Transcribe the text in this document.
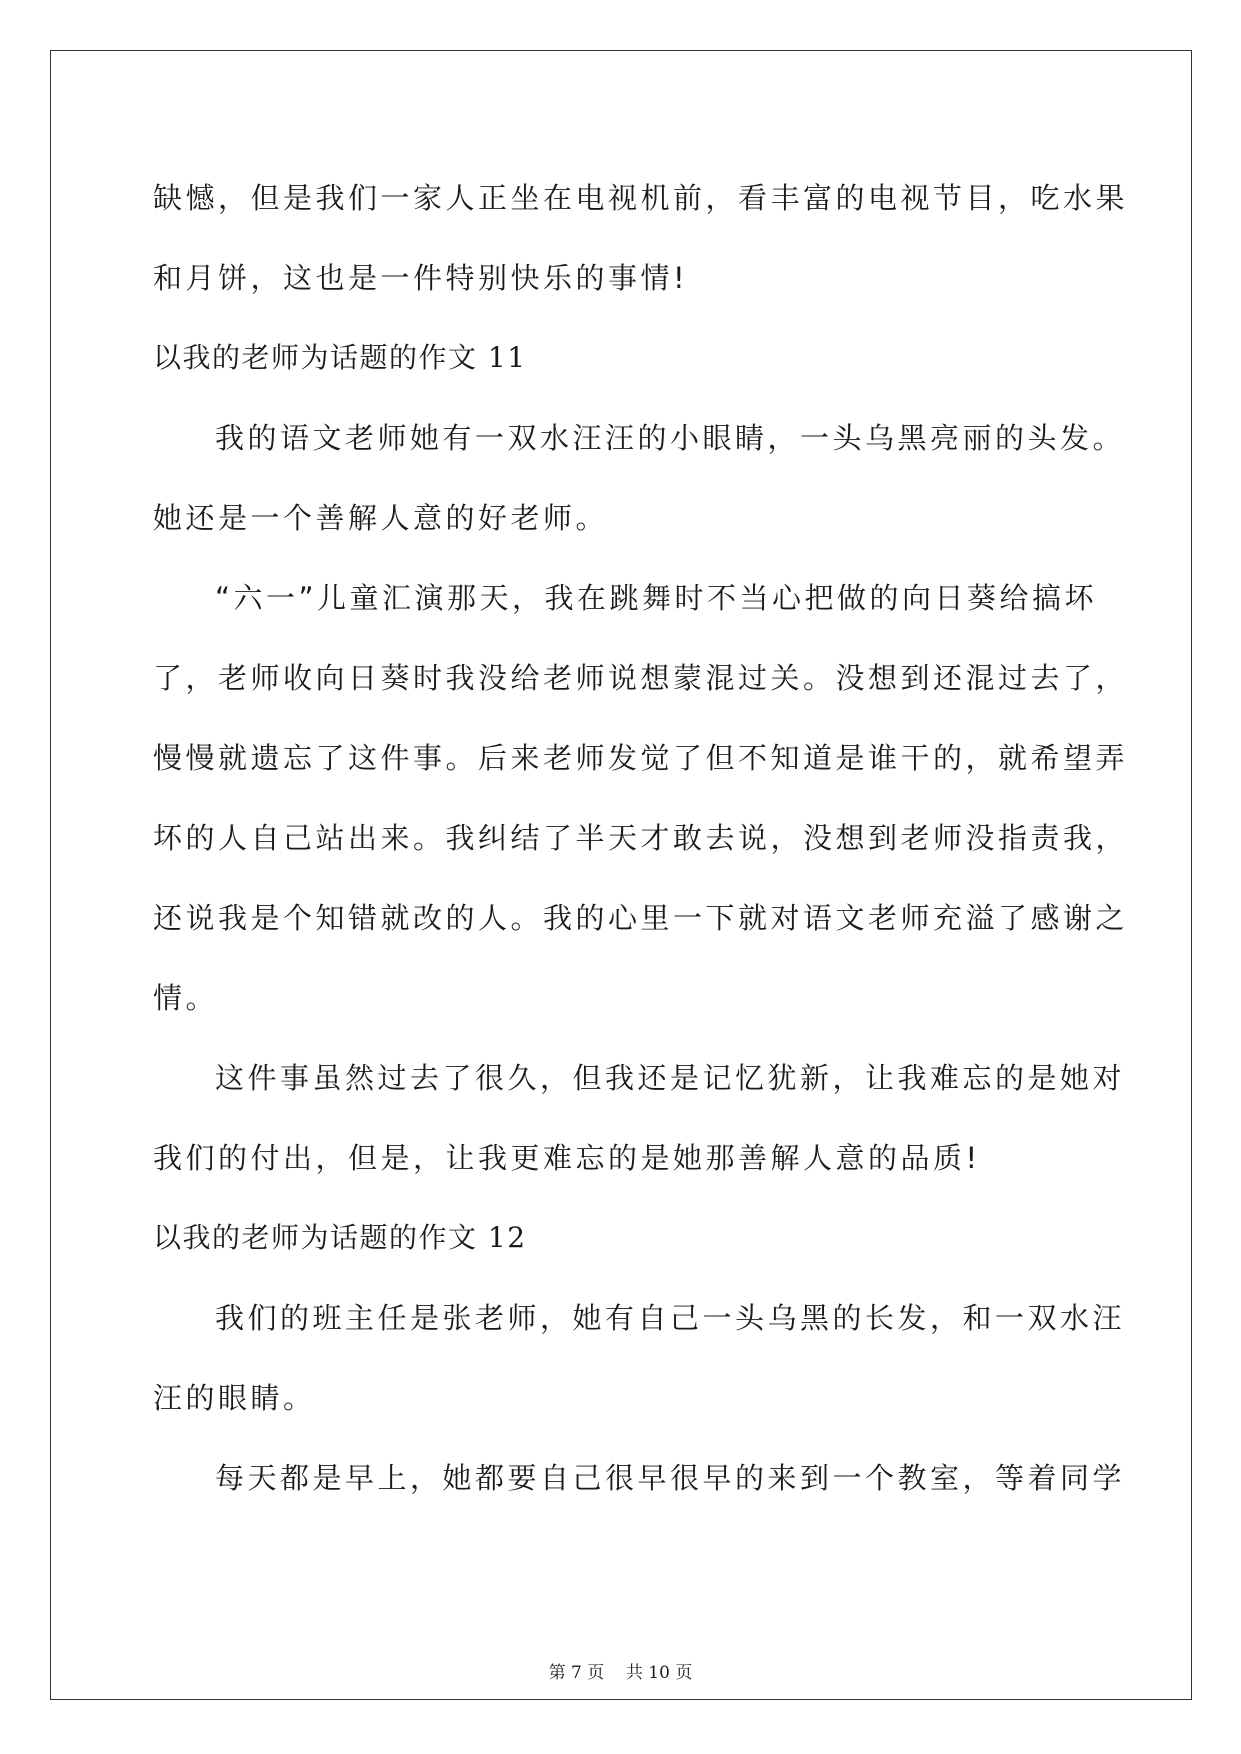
缺憾，但是我们一家人正坐在电视机前，看丰富的电视节目，吃水果
和月饼，这也是一件特别快乐的事情!
以我的老师为话题的作文 11
我的语文老师她有一双水汪汪的小眼睛，一头乌黑亮丽的头发。
她还是一个善解人意的好老师。
“六一”儿童汇演那天，我在跳舞时不当心把做的向日葵给搞坏
了，老师收向日葵时我没给老师说想蒙混过关。没想到还混过去了，
慢慢就遗忘了这件事。后来老师发觉了但不知道是谁干的，就希望弄
坏的人自己站出来。我纠结了半天才敢去说，没想到老师没指责我，
还说我是个知错就改的人。我的心里一下就对语文老师充溢了感谢之
情。
这件事虽然过去了很久，但我还是记忆犹新，让我难忘的是她对
我们的付出，但是，让我更难忘的是她那善解人意的品质!
以我的老师为话题的作文 12
我们的班主任是张老师，她有自己一头乌黑的长发，和一双水汪
汪的眼睛。
每天都是早上，她都要自己很早很早的来到一个教室，等着同学
第 7 页 共 10 页
